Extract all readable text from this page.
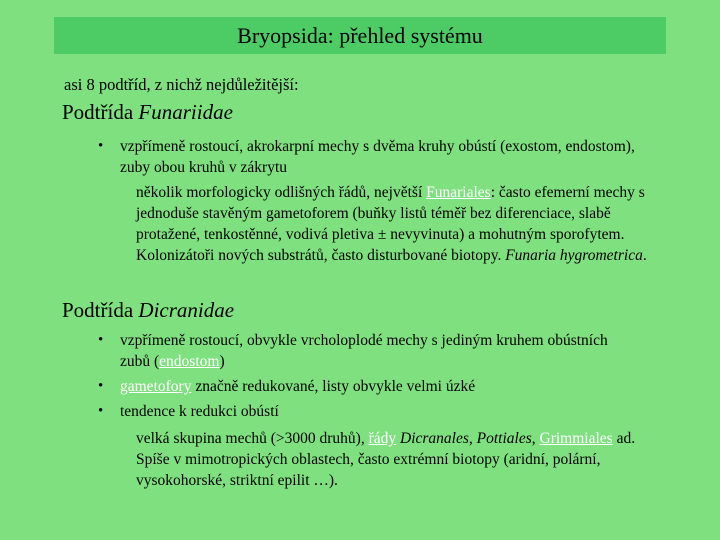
Bryopsida: přehled systému
asi 8 podtříd, z nichž nejdůležitější:
Podtřída Funariidae
•	vzpřímeně rostoucí, akrokarpní mechy s dvěma kruhy obústí (exostom, endostom), zuby obou kruhů v zákrytu
několik morfologicky odlišných řádů, největší Funariales: často efemerní mechy s jednoduše stavěným gametoforem (buňky listů téměř bez diferenciace, slabě protažené, tenkostěnné, vodivá pletiva ± nevyvinuta) a mohutným sporofytem. Kolonizátoři nových substrátů, často disturbované biotopy. Funaria hygrometrica.
Podtřída Dicranidae
•	vzpřímeně rostoucí, obvykle vrcholoplodé mechy s jediným kruhem obústních zubů (endostom)
•	gametofory značně redukované, listy obvykle velmi úzké
•	tendence k redukci obústí
velká skupina mechů (>3000 druhů), řády Dicranales, Pottiales, Grimmiales ad. Spíše v mimotropických oblastech, často extrémní biotopy (aridní, polární, vysokohorské, striktní epilit …).
